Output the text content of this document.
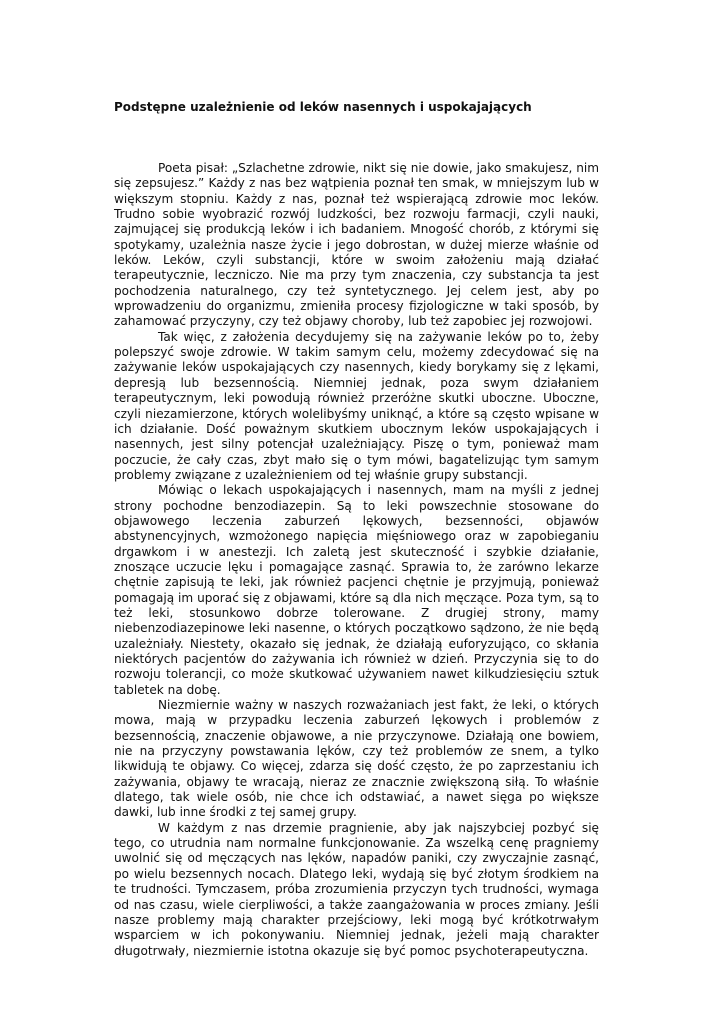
Podstępne uzależnienie od leków nasennych i uspokajających

Poeta pisał: „Szlachetne zdrowie, nikt się nie dowie, jako smakujesz, nim się zepsujesz.” Każdy z nas bez wątpienia poznał ten smak, w mniejszym lub w większym stopniu. Każdy z nas, poznał też wspierającą zdrowie moc leków. Trudno sobie wyobrazić rozwój ludzkości, bez rozwoju farmacji, czyli nauki, zajmującej się produkcją leków i ich badaniem. Mnogość chorób, z którymi się spotykamy, uzależnia nasze życie i jego dobrostan, w dużej mierze właśnie od leków. Leków, czyli substancji, które w swoim założeniu mają działać terapeutycznie, leczniczo. Nie ma przy tym znaczenia, czy substancja ta jest pochodzenia naturalnego, czy też syntetycznego. Jej celem jest, aby po wprowadzeniu do organizmu, zmieniła procesy fizjologiczne w taki sposób, by zahamować przyczyny, czy też objawy choroby, lub też zapobiec jej rozwojowi.

Tak więc, z założenia decydujemy się na zażywanie leków po to, żeby polepszyć swoje zdrowie. W takim samym celu, możemy zdecydować się na zażywanie leków uspokajających czy nasennych, kiedy borykamy się z lękami, depresją lub bezsennością. Niemniej jednak, poza swym działaniem terapeutycznym, leki powodują również przeróżne skutki uboczne. Uboczne, czyli niezamierzone, których wolelibyśmy uniknąć, a które są często wpisane w ich działanie. Dość poważnym skutkiem ubocznym leków uspokajających i nasennych, jest silny potencjał uzależniający. Piszę o tym, ponieważ mam poczucie, że cały czas, zbyt mało się o tym mówi, bagatelizując tym samym problemy związane z uzależnieniem od tej właśnie grupy substancji.

Mówiąc o lekach uspokajających i nasennych, mam na myśli z jednej strony pochodne benzodiazepin. Są to leki powszechnie stosowane do objawowego leczenia zaburzeń lękowych, bezsenności, objawów abstynencyjnych, wzmożonego napięcia mięśniowego oraz w zapobieganiu drgawkom i w anestezji. Ich zaletą jest skuteczność i szybkie działanie, znoszące uczucie lęku i pomagające zasnąć. Sprawia to, że zarówno lekarze chętnie zapisują te leki, jak również pacjenci chętnie je przyjmują, ponieważ pomagają im uporać się z objawami, które są dla nich męczące. Poza tym, są to też leki, stosunkowo dobrze tolerowane. Z drugiej strony, mamy niebenzodiazepinowe leki nasenne, o których początkowo sądzono, że nie będą uzależniały. Niestety, okazało się jednak, że działają euforyzująco, co skłania niektórych pacjentów do zażywania ich również w dzień. Przyczynia się to do rozwoju tolerancji, co może skutkować używaniem nawet kilkudziesięciu sztuk tabletek na dobę.

Niezmiernie ważny w naszych rozważaniach jest fakt, że leki, o których mowa, mają w przypadku leczenia zaburzeń lękowych i problemów z bezsennością, znaczenie objawowe, a nie przyczynowe. Działają one bowiem, nie na przyczyny powstawania lęków, czy też problemów ze snem, a tylko likwidują te objawy. Co więcej, zdarza się dość często, że po zaprzestaniu ich zażywania, objawy te wracają, nieraz ze znacznie zwiększoną siłą. To właśnie dlatego, tak wiele osób, nie chce ich odstawiać, a nawet sięga po większe dawki, lub inne środki z tej samej grupy.

W każdym z nas drzemie pragnienie, aby jak najszybciej pozbyć się tego, co utrudnia nam normalne funkcjonowanie. Za wszelką cenę pragniemy uwolnić się od męczących nas lęków, napadów paniki, czy zwyczajnie zasnąć, po wielu bezsennych nocach. Dlatego leki, wydają się być złotym środkiem na te trudności. Tymczasem, próba zrozumienia przyczyn tych trudności, wymaga od nas czasu, wiele cierpliwości, a także zaangażowania w proces zmiany. Jeśli nasze problemy mają charakter przejściowy, leki mogą być krótkotrwałym wsparciem w ich pokonywaniu. Niemniej jednak, jeżeli mają charakter długotrwały, niezmiernie istotna okazuje się być pomoc psychoterapeutyczna.
